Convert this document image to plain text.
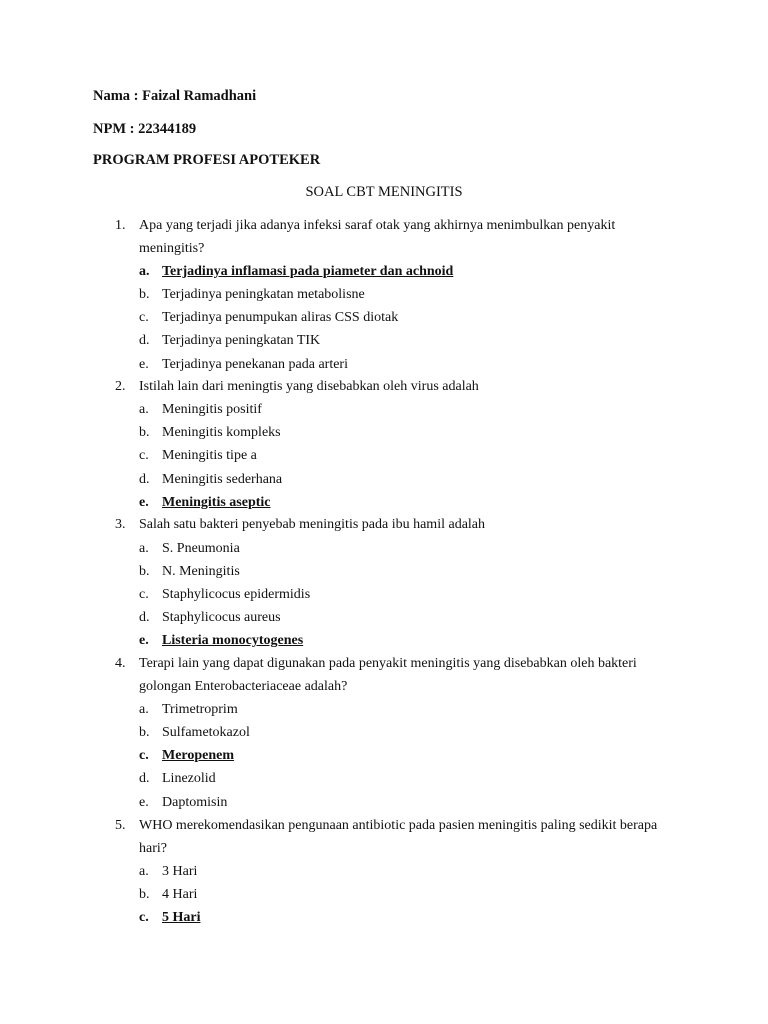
Nama : Faizal Ramadhani
NPM : 22344189
PROGRAM PROFESI APOTEKER
SOAL CBT MENINGITIS
1. Apa yang terjadi jika adanya infeksi saraf otak yang akhirnya menimbulkan penyakit
meningitis?
a. Terjadinya inflamasi pada piameter dan achnoid
b. Terjadinya peningkatan metabolisne
c. Terjadinya penumpukan aliras CSS diotak
d. Terjadinya peningkatan TIK
e. Terjadinya penekanan pada arteri
2. Istilah lain dari meningtis yang disebabkan oleh virus adalah
a. Meningitis positif
b. Meningitis kompleks
c. Meningitis tipe a
d. Meningitis sederhana
e. Meningitis aseptic
3. Salah satu bakteri penyebab meningitis pada ibu hamil adalah
a. S. Pneumonia
b. N. Meningitis
c. Staphylicocus epidermidis
d. Staphylicocus aureus
e. Listeria monocytogenes
4. Terapi lain yang dapat digunakan pada penyakit meningitis yang disebabkan oleh bakteri
golongan Enterobacteriaceae adalah?
a. Trimetroprim
b. Sulfametokazol
c. Meropenem
d. Linezolid
e. Daptomisin
5. WHO merekomendasikan pengunaan antibiotic pada pasien meningitis paling sedikit berapa
hari?
a. 3 Hari
b. 4 Hari
c. 5 Hari
